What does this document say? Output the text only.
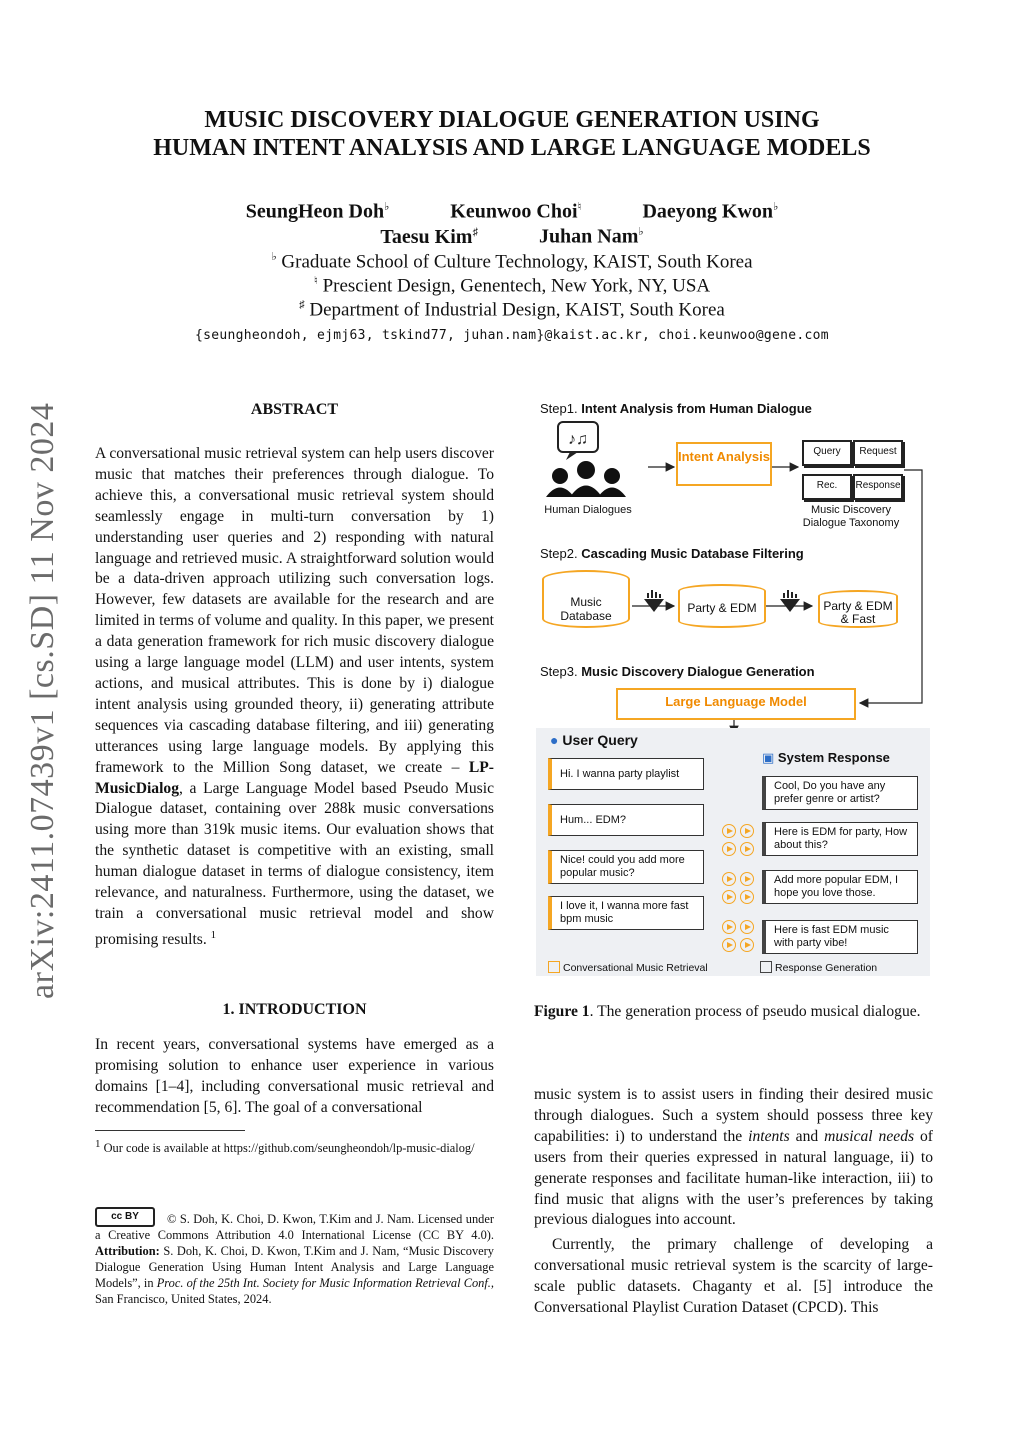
arXiv:2411.07439v1 [cs.SD] 11 Nov 2024
MUSIC DISCOVERY DIALOGUE GENERATION USING
HUMAN INTENT ANALYSIS AND LARGE LANGUAGE MODELS
SeungHeon Doh♭	Keunwoo Choi♮	Daeyong Kwon♭
Taesu Kim♯	Juhan Nam♭
♭ Graduate School of Culture Technology, KAIST, South Korea
♮ Prescient Design, Genentech, New York, NY, USA
♯ Department of Industrial Design, KAIST, South Korea
{seungheondoh, ejmj63, tskind77, juhan.nam}@kaist.ac.kr, choi.keunwoo@gene.com
ABSTRACT
A conversational music retrieval system can help users discover music that matches their preferences through dialogue. To achieve this, a conversational music retrieval system should seamlessly engage in multi-turn conversation by 1) understanding user queries and 2) responding with natural language and retrieved music. A straightforward solution would be a data-driven approach utilizing such conversation logs. However, few datasets are available for the research and are limited in terms of volume and quality. In this paper, we present a data generation framework for rich music discovery dialogue using a large language model (LLM) and user intents, system actions, and musical attributes. This is done by i) dialogue intent analysis using grounded theory, ii) generating attribute sequences via cascading database filtering, and iii) generating utterances using large language models. By applying this framework to the Million Song dataset, we create – LP-MusicDialog, a Large Language Model based Pseudo Music Dialogue dataset, containing over 288k music conversations using more than 319k music items. Our evaluation shows that the synthetic dataset is competitive with an existing, small human dialogue dataset in terms of dialogue consistency, item relevance, and naturalness. Furthermore, using the dataset, we train a conversational music retrieval model and show promising results. $^1$
1. INTRODUCTION
In recent years, conversational systems have emerged as a promising solution to enhance user experience in various domains [1–4], including conversational music retrieval and recommendation [5, 6]. The goal of a conversational
$^1$ Our code is available at https://github.com/seungheondoh/lp-music-dialog/
cc BY	© S. Doh, K. Choi, D. Kwon, T.Kim and J. Nam. Licensed under a Creative Commons Attribution 4.0 International License (CC BY 4.0). Attribution: S. Doh, K. Choi, D. Kwon, T.Kim and J. Nam, “Music Discovery Dialogue Generation Using Human Intent Analysis and Large Language Models”, in Proc. of the 25th Int. Society for Music Information Retrieval Conf., San Francisco, United States, 2024.
♪♫
Step1. Intent Analysis from Human Dialogue
Human Dialogues
Intent Analysis	Query	Request
Rec.	Response
Music Discovery Dialogue Taxonomy
Step2. Cascading Music Database Filtering
Music Database
Party & EDM	Party & EDM & Fast
Step3. Music Discovery Dialogue Generation
Large Language Model
● User Query
▣ System Response
Hi. I wanna party playlist
Hum... EDM?
Nice! could you add more popular music?
I love it, I wanna more fast bpm music
Cool, Do you have any prefer genre or artist?
Here is EDM for party, How about this?
Add more popular EDM, I hope you love those.
Here is fast EDM music with party vibe!
Conversational Music Retrieval	Response Generation
Figure 1. The generation process of pseudo musical dialogue.
music system is to assist users in finding their desired music through dialogues. Such a system should possess three key capabilities: i) to understand the intents and musical needs of users from their queries expressed in natural language, ii) to generate responses and facilitate human-like interaction, iii) to find music that aligns with the user’s preferences by taking previous dialogues into account.
Currently, the primary challenge of developing a conversational music retrieval system is the scarcity of large-scale public datasets. Chaganty et al. [5] introduce the Conversational Playlist Curation Dataset (CPCD). This
